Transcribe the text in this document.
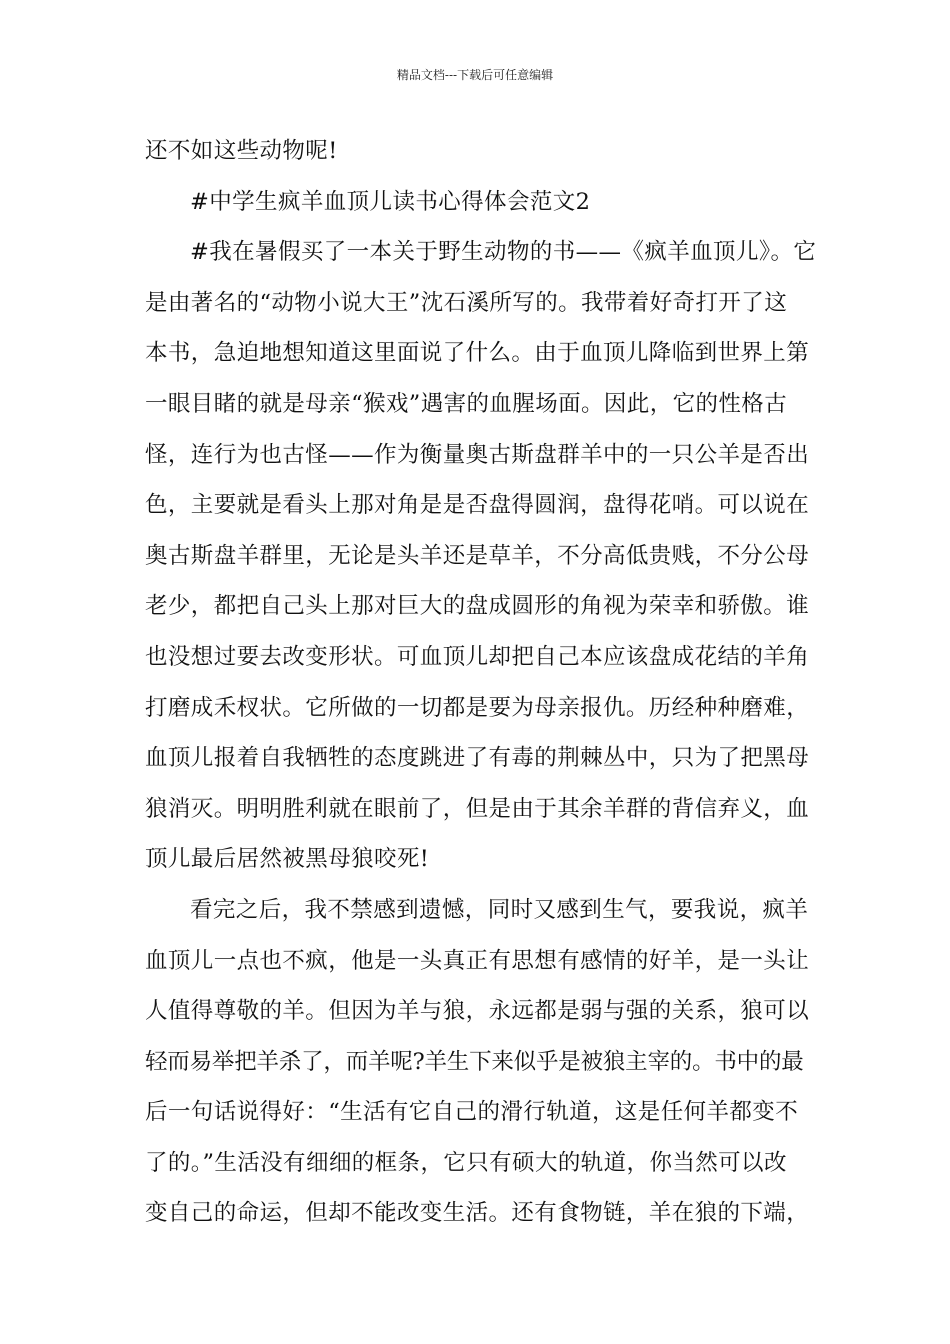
精品文档---下载后可任意编辑
还不如这些动物呢!
#中学生疯羊血顶儿读书心得体会范文2
#我在暑假买了一本关于野生动物的书——《疯羊血顶儿》。它
是由著名的“动物小说大王”沈石溪所写的。我带着好奇打开了这
本书，急迫地想知道这里面说了什么。由于血顶儿降临到世界上第
一眼目睹的就是母亲“猴戏”遇害的血腥场面。因此，它的性格古
怪，连行为也古怪——作为衡量奥古斯盘群羊中的一只公羊是否出
色，主要就是看头上那对角是是否盘得圆润，盘得花哨。可以说在
奥古斯盘羊群里，无论是头羊还是草羊，不分高低贵贱，不分公母
老少，都把自己头上那对巨大的盘成圆形的角视为荣幸和骄傲。谁
也没想过要去改变形状。可血顶儿却把自己本应该盘成花结的羊角
打磨成禾杈状。它所做的一切都是要为母亲报仇。历经种种磨难，
血顶儿报着自我牺牲的态度跳进了有毒的荆棘丛中，只为了把黑母
狼消灭。明明胜利就在眼前了，但是由于其余羊群的背信弃义，血
顶儿最后居然被黑母狼咬死!
看完之后，我不禁感到遗憾，同时又感到生气，要我说，疯羊
血顶儿一点也不疯，他是一头真正有思想有感情的好羊，是一头让
人值得尊敬的羊。但因为羊与狼，永远都是弱与强的关系，狼可以
轻而易举把羊杀了，而羊呢?羊生下来似乎是被狼主宰的。书中的最
后一句话说得好：“生活有它自己的滑行轨道，这是任何羊都变不
了的。”生活没有细细的框条，它只有硕大的轨道，你当然可以改
变自己的命运，但却不能改变生活。还有食物链，羊在狼的下端，
